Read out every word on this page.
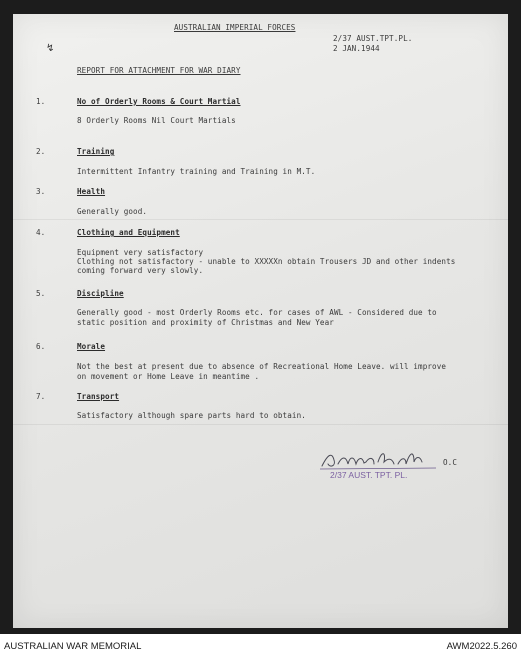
AUSTRALIAN IMPERIAL FORCES
2/37 AUST.TPT.PL.
2 JAN.1944
↯
REPORT FOR ATTACHMENT FOR WAR DIARY
1.	No of Orderly Rooms & Court Martial
8 Orderly Rooms Nil Court Martials
2.	Training
Intermittent Infantry training and Training in M.T.
3.	Health
Generally good.
4.	Clothing and Equipment
Equipment very satisfactory
Clothing not satisfactory - unable to XXXXXn obtain Trousers JD and other indents
coming forward very slowly.
5.	Discipline
Generally good - most Orderly Rooms etc. for cases of AWL - Considered due to
static position and proximity of Christmas and New Year
6.	Morale
Not the best at present due to absence of Recreational Home Leave. will improve
on movement or Home Leave in meantime .
7.	Transport
Satisfactory although spare parts hard to obtain.
O.C
2/37 AUST. TPT. PL.
AUSTRALIAN WAR MEMORIAL	AWM2022.5.260
